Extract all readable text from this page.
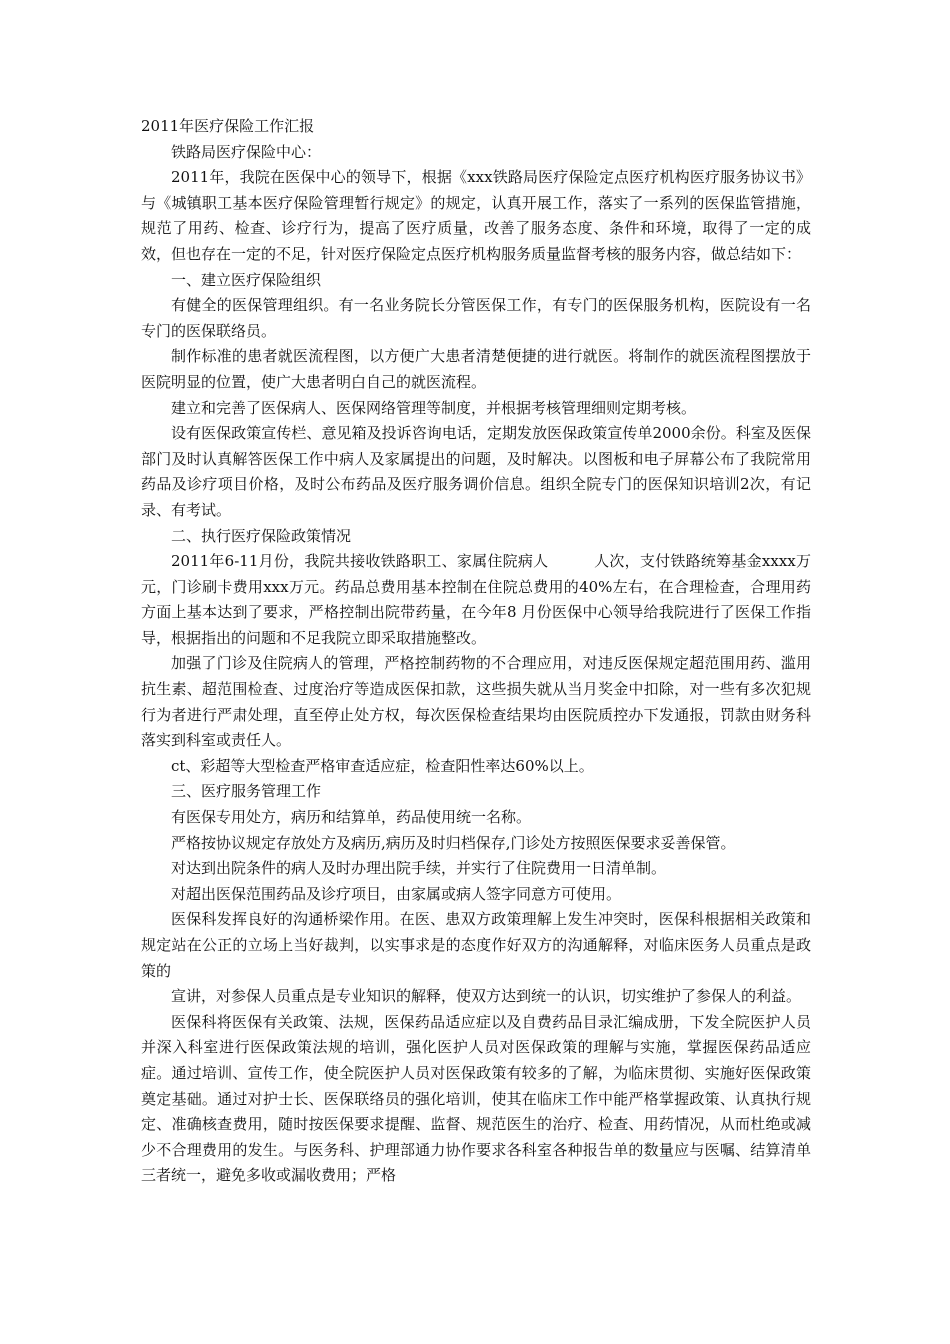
2011年医疗保险工作汇报

铁路局医疗保险中心：

2011年，我院在医保中心的领导下，根据《xxx铁路局医疗保险定点医疗机构医疗服务协议书》与《城镇职工基本医疗保险管理暂行规定》的规定，认真开展工作，落实了一系列的医保监管措施，规范了用药、检查、诊疗行为，提高了医疗质量，改善了服务态度、条件和环境，取得了一定的成效，但也存在一定的不足，针对医疗保险定点医疗机构服务质量监督考核的服务内容，做总结如下：

一、建立医疗保险组织

有健全的医保管理组织。有一名业务院长分管医保工作，有专门的医保服务机构，医院设有一名专门的医保联络员。

制作标准的患者就医流程图，以方便广大患者清楚便捷的进行就医。将制作的就医流程图摆放于医院明显的位置，使广大患者明白自己的就医流程。

建立和完善了医保病人、医保网络管理等制度，并根据考核管理细则定期考核。

设有医保政策宣传栏、意见箱及投诉咨询电话，定期发放医保政策宣传单2000余份。科室及医保部门及时认真解答医保工作中病人及家属提出的问题，及时解决。以图板和电子屏幕公布了我院常用药品及诊疗项目价格，及时公布药品及医疗服务调价信息。组织全院专门的医保知识培训2次，有记录、有考试。

二、执行医疗保险政策情况

2011年6-11月份，我院共接收铁路职工、家属住院病人　　　人次，支付铁路统筹基金xxxx万元，门诊刷卡费用xxx万元。药品总费用基本控制在住院总费用的40%左右，在合理检查，合理用药方面上基本达到了要求，严格控制出院带药量，在今年8 月份医保中心领导给我院进行了医保工作指导，根据指出的问题和不足我院立即采取措施整改。

加强了门诊及住院病人的管理，严格控制药物的不合理应用，对违反医保规定超范围用药、滥用抗生素、超范围检查、过度治疗等造成医保扣款，这些损失就从当月奖金中扣除，对一些有多次犯规行为者进行严肃处理，直至停止处方权，每次医保检查结果均由医院质控办下发通报，罚款由财务科落实到科室或责任人。

ct、彩超等大型检查严格审查适应症，检查阳性率达60%以上。

三、医疗服务管理工作

有医保专用处方，病历和结算单，药品使用统一名称。

严格按协议规定存放处方及病历,病历及时归档保存,门诊处方按照医保要求妥善保管。

对达到出院条件的病人及时办理出院手续，并实行了住院费用一日清单制。

对超出医保范围药品及诊疗项目，由家属或病人签字同意方可使用。

医保科发挥良好的沟通桥梁作用。在医、患双方政策理解上发生冲突时，医保科根据相关政策和规定站在公正的立场上当好裁判，以实事求是的态度作好双方的沟通解释，对临床医务人员重点是政策的

宣讲，对参保人员重点是专业知识的解释，使双方达到统一的认识，切实维护了参保人的利益。

医保科将医保有关政策、法规，医保药品适应症以及自费药品目录汇编成册，下发全院医护人员并深入科室进行医保政策法规的培训，强化医护人员对医保政策的理解与实施，掌握医保药品适应症。通过培训、宣传工作，使全院医护人员对医保政策有较多的了解，为临床贯彻、实施好医保政策奠定基础。通过对护士长、医保联络员的强化培训，使其在临床工作中能严格掌握政策、认真执行规定、准确核查费用，随时按医保要求提醒、监督、规范医生的治疗、检查、用药情况，从而杜绝或减少不合理费用的发生。与医务科、护理部通力协作要求各科室各种报告单的数量应与医嘱、结算清单三者统一，避免多收或漏收费用；严格
